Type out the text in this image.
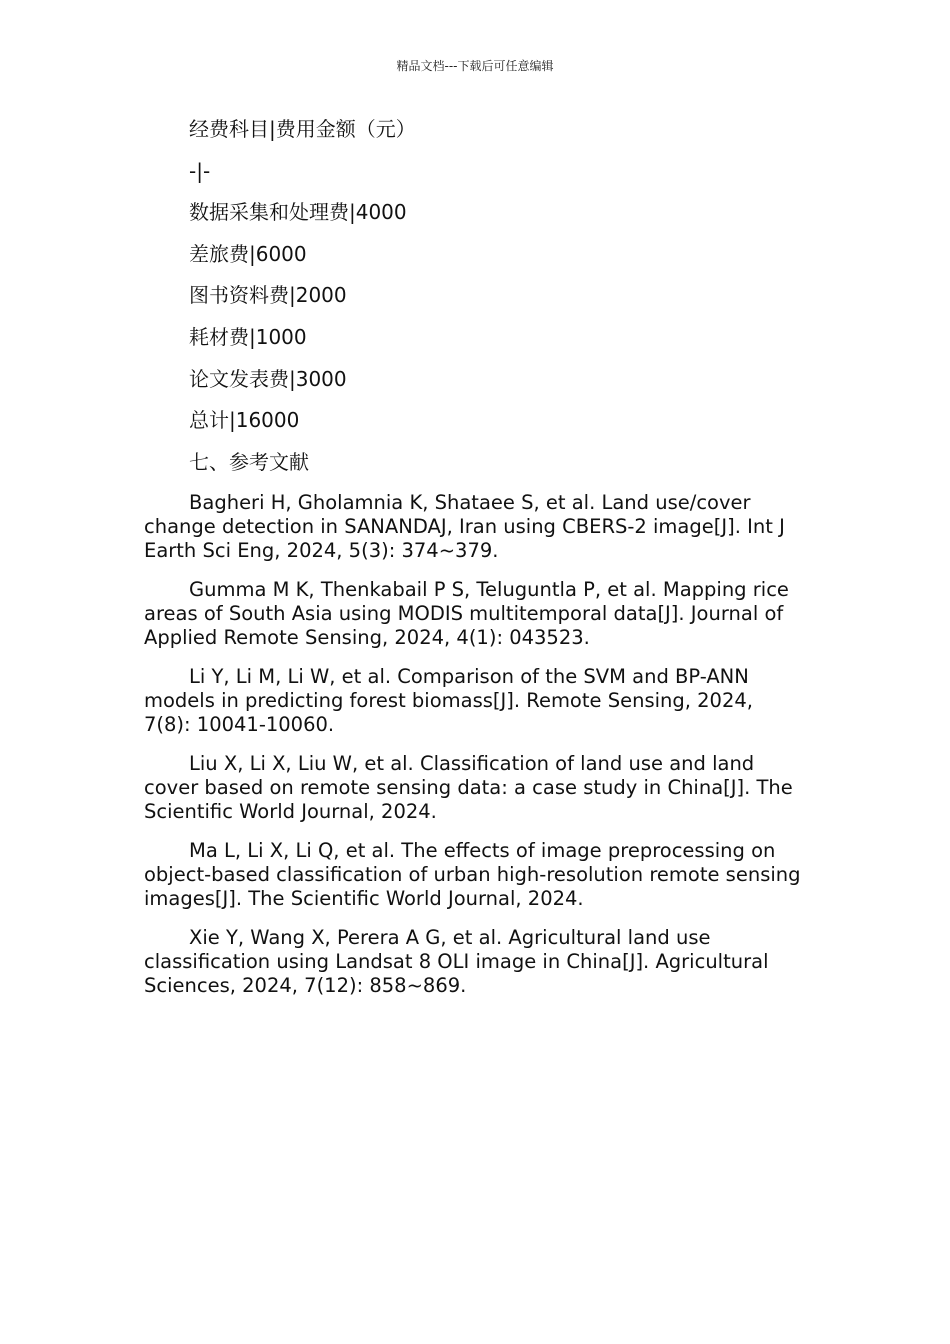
精品文档---下载后可任意编辑
经费科目|费用金额（元）
-|-
数据采集和处理费|4000
差旅费|6000
图书资料费|2000
耗材费|1000
论文发表费|3000
总计|16000
七、参考文献
Bagheri H, Gholamnia K, Shataee S, et al. Land use/cover change detection in SANANDAJ, Iran using CBERS-2 image[J]. Int J Earth Sci Eng, 2024, 5(3): 374~379.
Gumma M K, Thenkabail P S, Teluguntla P, et al. Mapping rice areas of South Asia using MODIS multitemporal data[J]. Journal of Applied Remote Sensing, 2024, 4(1): 043523.
Li Y, Li M, Li W, et al. Comparison of the SVM and BP-ANN models in predicting forest biomass[J]. Remote Sensing, 2024, 7(8): 10041-10060.
Liu X, Li X, Liu W, et al. Classification of land use and land cover based on remote sensing data: a case study in China[J]. The Scientific World Journal, 2024.
Ma L, Li X, Li Q, et al. The effects of image preprocessing on object-based classification of urban high-resolution remote sensing images[J]. The Scientific World Journal, 2024.
Xie Y, Wang X, Perera A G, et al. Agricultural land use classification using Landsat 8 OLI image in China[J]. Agricultural Sciences, 2024, 7(12): 858~869.
